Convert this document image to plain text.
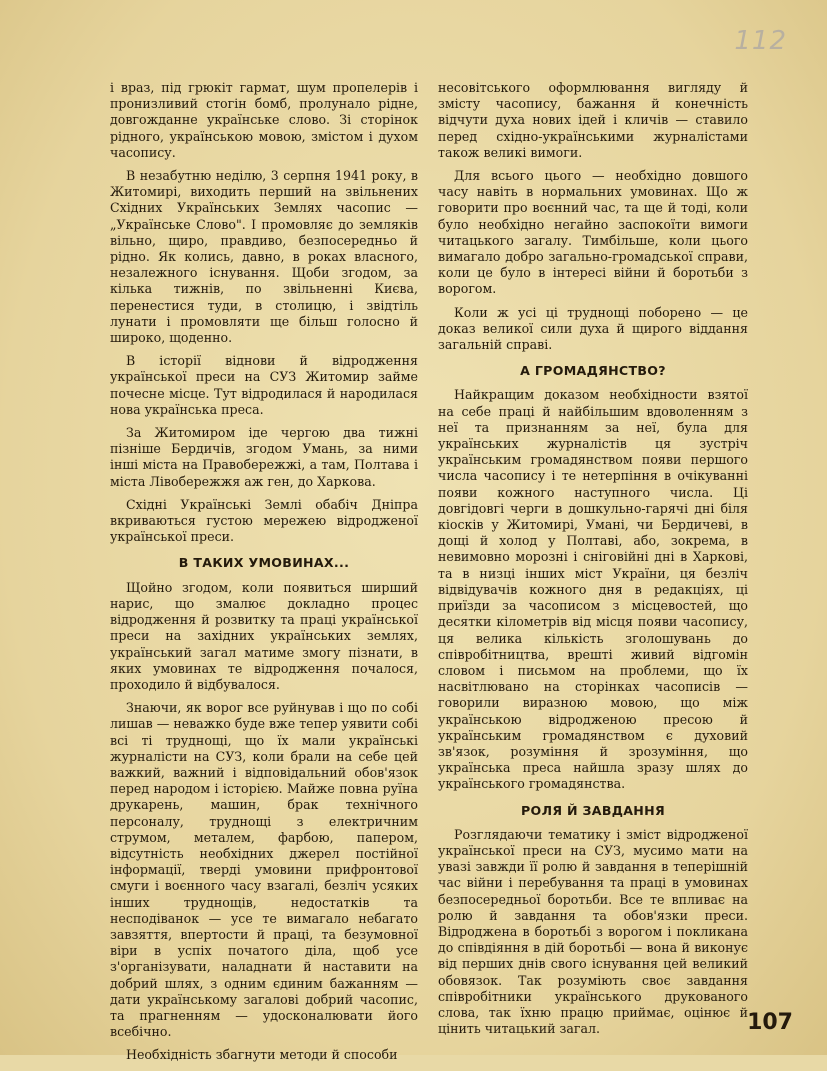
112

і враз, під грюкіт гармат, шум пропелерів і пронизливий стогін бомб, пролунало рідне, довгожданне українське слово. Зі сторінок рідного, українською мовою, змістом і духом часопису.

В незабутню неділю, 3 серпня 1941 року, в Житомирі, виходить перший на звільнених Східних Українських Землях часопис — „Українське Слово". І промовляє до земляків вільно, щиро, правдиво, безпосередньо й рідно. Як колись, давно, в роках власного, незалежного існування. Щоби згодом, за кілька тижнів, по звільненні Києва, перенестися туди, в столицю, і звідтіль лунати і промовляти ще більш голосно й широко, щоденно.

В історії віднови й відродження української преси на СУЗ Житомир займе почесне місце. Тут відродилася й народилася нова українська преса.

За Житомиром іде чергою два тижні пізніше Бердичів, згодом Умань, за ними інші міста на Правобережжі, а там, Полтава і міста Лівобережжя аж ген, до Харкова.

Східні Українські Землі обабіч Дніпра вкриваються густою мережею відродженої української преси.

В ТАКИХ УМОВИНАХ...

Щойно згодом, коли появиться ширший нарис, що змалює докладно процес відродження й розвитку та праці української преси на західних українських землях, український загал матиме змогу пізнати, в яких умовинах те відродження почалося, проходило й відбувалося.

Знаючи, як ворог все руйнував і що по собі лишав — неважко буде вже тепер уявити собі всі ті труднощі, що їх мали українські журналісти на СУЗ, коли брали на себе цей важкий, важний і відповідальний обов'язок перед народом і історією. Майже повна руїна друкарень, машин, брак технічного персоналу, труднощі з електричним струмом, металем, фарбою, папером, відсутність необхідних джерел постійної інформації, тверді умовини прифронтової смуги і воєнного часу взагалі, безліч усяких інших труднощів, недостатків та несподіванок — усе те вимагало небагато завзяття, впертости й праці, та безумовної віри в успіх початого діла, щоб усе з'організувати, наладнати й наставити на добрий шлях, з одним єдиним бажанням — дати українському загалові добрий часопис, та прагненням — удосконалювати його всебічно.

Необхідність збагнути методи й способи

несовітського оформлювання вигляду й змісту часопису, бажання й конечність відчути духа нових ідей і кличів — ставило перед східно-українськими журналістами також великі вимоги.

Для всього цього — необхідно довшого часу навіть в нормальних умовинах. Що ж говорити про воєнний час, та ще й тоді, коли було необхідно негайно заспокоїти вимоги читацького загалу. Тимбільше, коли цього вимагало добро загально-громадської справи, коли це було в інтересі війни й боротьби з ворогом.

Коли ж усі ці труднощі поборено — це доказ великої сили духа й щирого віддання загальній справі.

А ГРОМАДЯНСТВО?

Найкращим доказом необхідности взятої на себе праці й найбільшим вдоволенням з неї та признанням за неї, була для українських журналістів ця зустріч українським громадянством появи першого числа часопису і те нетерпіння в очікуванні появи кожного наступного числа. Ці довгідовгі черги в дошкульно-гарячі дні біля кіосків у Житомирі, Умані, чи Бердичеві, в дощі й холод у Полтаві, або, зокрема, в невимовно морозні і сніговійні дні в Харкові, та в низці інших міст України, ця безліч відвідувачів кожного дня в редакціях, ці приїзди за часописом з місцевостей, що десятки кілометрів від місця появи часопису, ця велика кількість зголошувань до співробітництва, врешті живий відгомін словом і письмом на проблеми, що їх насвітлювано на сторінках часописів — говорили виразною мовою, що між українською відродженою пресою й українським громадянством є духовий зв'язок, розуміння й зрозуміння, що українська преса найшла зразу шлях до українського громадянства.

РОЛЯ Й ЗАВДАННЯ

Розглядаючи тематику і зміст відродженої української преси на СУЗ, мусимо мати на увазі завжди її ролю й завдання в теперішній час війни і перебування та праці в умовинах безпосередньої боротьби. Все те впливає на ролю й завдання та обов'язки преси. Відроджена в боротьбі з ворогом і покликана до співдіяння в дій боротьбі — вона й виконує від перших днів свого існування цей великий обовязок. Так розуміють своє завдання співробітники українського друкованого слова, так їхню працю приймає, оцінює й цінить читацький загал.	107
